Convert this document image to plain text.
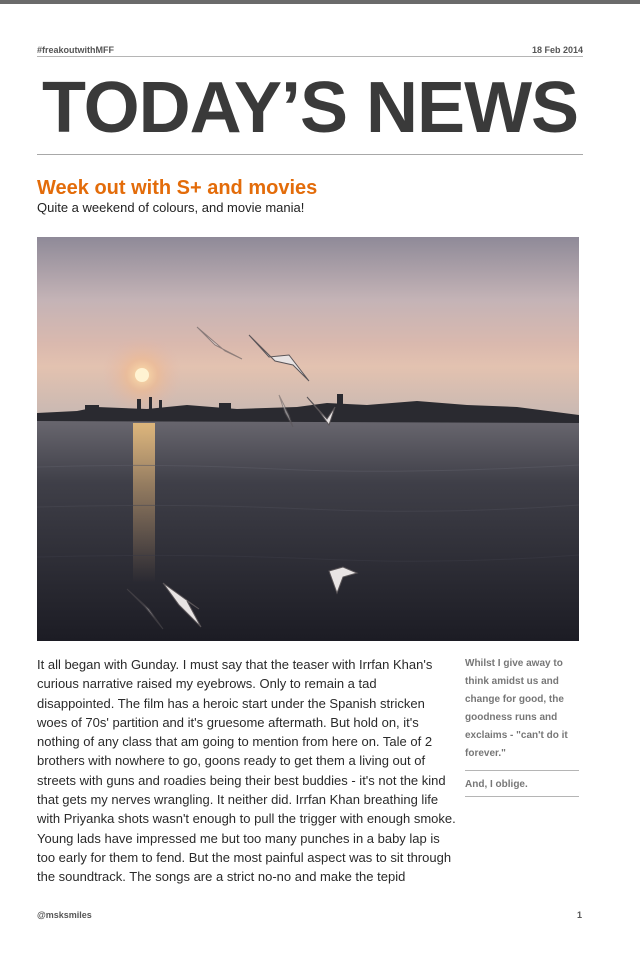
#freakoutwithMFF	18 Feb 2014
TODAY’S NEWS
Week out with S+ and movies
Quite a weekend of colours, and movie mania!

It all began with Gunday. I must say that the teaser with Irrfan Khan's curious narrative raised my eyebrows. Only to remain a tad disappointed. The film has a heroic start under the Spanish stricken woes of 70s' partition and it's gruesome aftermath. But hold on, it's nothing of any class that am going to mention from here on. Tale of 2 brothers with nowhere to go, goons ready to get them a living out of streets with guns and roadies being their best buddies - it's not the kind that gets my nerves wrangling. It neither did. Irrfan Khan breathing life with Priyanka shots wasn't enough to pull the trigger with enough smoke. Young lads have impressed me but too many punches in a baby lap is too early for them to fend. But the most painful aspect was to sit through the soundtrack. The songs are a strict no-no and make the tepid

Whilst I give away to think amidst us and change for good, the goodness runs and exclaims - "can't do it forever."

And, I oblige.
@msksmiles	1
